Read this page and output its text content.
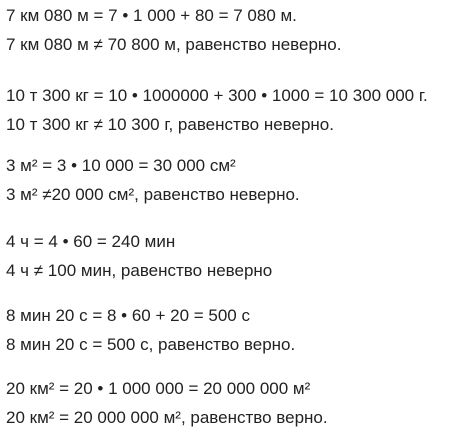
7 км 080 м = 7 • 1 000 + 80 = 7 080 м.
7 км 080 м ≠ 70 800 м, равенство неверно.
10 т 300 кг = 10 • 1000000 + 300 • 1000 = 10 300 000 г.
10 т 300 кг ≠ 10 300 г, равенство неверно.
3 м² = 3 • 10 000 = 30 000 см²
3 м² ≠20 000 см², равенство неверно.
4 ч = 4 • 60 = 240 мин
4 ч ≠ 100 мин, равенство неверно
8 мин 20 с = 8 • 60 + 20 = 500 с
8 мин 20 с = 500 с, равенство верно.
20 км² = 20 • 1 000 000 = 20 000 000 м²
20 км² = 20 000 000 м², равенство верно.
